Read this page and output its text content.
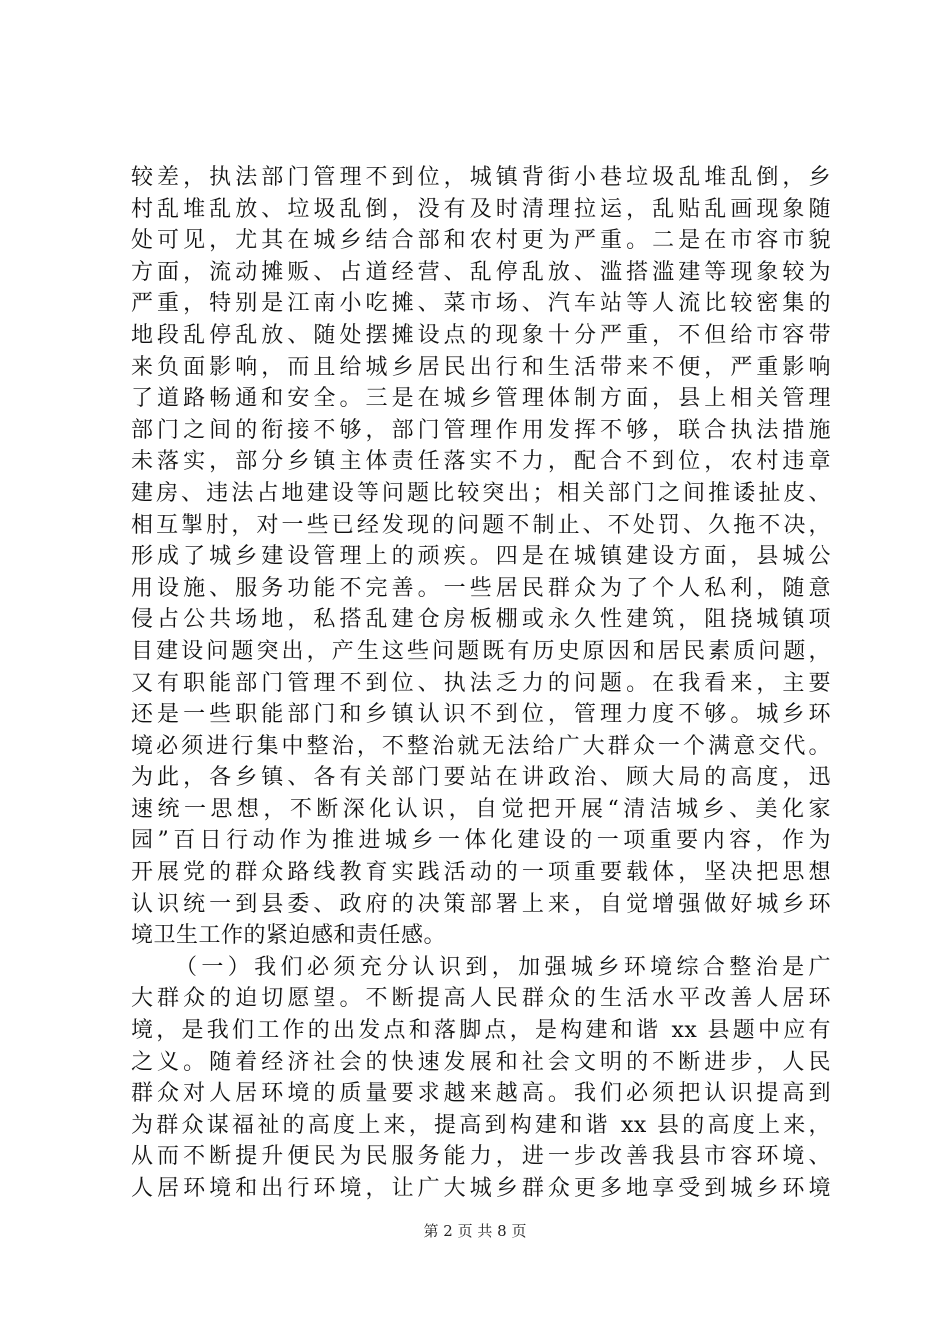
较差，执法部门管理不到位，城镇背街小巷垃圾乱堆乱倒，乡
村乱堆乱放、垃圾乱倒，没有及时清理拉运，乱贴乱画现象随
处可见，尤其在城乡结合部和农村更为严重。二是在市容市貌
方面，流动摊贩、占道经营、乱停乱放、滥搭滥建等现象较为
严重，特别是江南小吃摊、菜市场、汽车站等人流比较密集的
地段乱停乱放、随处摆摊设点的现象十分严重，不但给市容带
来负面影响，而且给城乡居民出行和生活带来不便，严重影响
了道路畅通和安全。三是在城乡管理体制方面，县上相关管理
部门之间的衔接不够，部门管理作用发挥不够，联合执法措施
未落实，部分乡镇主体责任落实不力，配合不到位，农村违章
建房、违法占地建设等问题比较突出；相关部门之间推诿扯皮、
相互掣肘，对一些已经发现的问题不制止、不处罚、久拖不决，
形成了城乡建设管理上的顽疾。四是在城镇建设方面，县城公
用设施、服务功能不完善。一些居民群众为了个人私利，随意
侵占公共场地，私搭乱建仓房板棚或永久性建筑，阻挠城镇项
目建设问题突出，产生这些问题既有历史原因和居民素质问题，
又有职能部门管理不到位、执法乏力的问题。在我看来，主要
还是一些职能部门和乡镇认识不到位，管理力度不够。城乡环
境必须进行集中整治，不整治就无法给广大群众一个满意交代。
为此，各乡镇、各有关部门要站在讲政治、顾大局的高度，迅
速统一思想，不断深化认识，自觉把开展“清洁城乡、美化家
园”百日行动作为推进城乡一体化建设的一项重要内容，作为
开展党的群众路线教育实践活动的一项重要载体，坚决把思想
认识统一到县委、政府的决策部署上来，自觉增强做好城乡环
境卫生工作的紧迫感和责任感。
（一）我们必须充分认识到，加强城乡环境综合整治是广
大群众的迫切愿望。不断提高人民群众的生活水平改善人居环
境，是我们工作的出发点和落脚点，是构建和谐 xx 县题中应有
之义。随着经济社会的快速发展和社会文明的不断进步，人民
群众对人居环境的质量要求越来越高。我们必须把认识提高到
为群众谋福祉的高度上来，提高到构建和谐 xx 县的高度上来，
从而不断提升便民为民服务能力，进一步改善我县市容环境、
人居环境和出行环境，让广大城乡群众更多地享受到城乡环境
第 2 页 共 8 页
